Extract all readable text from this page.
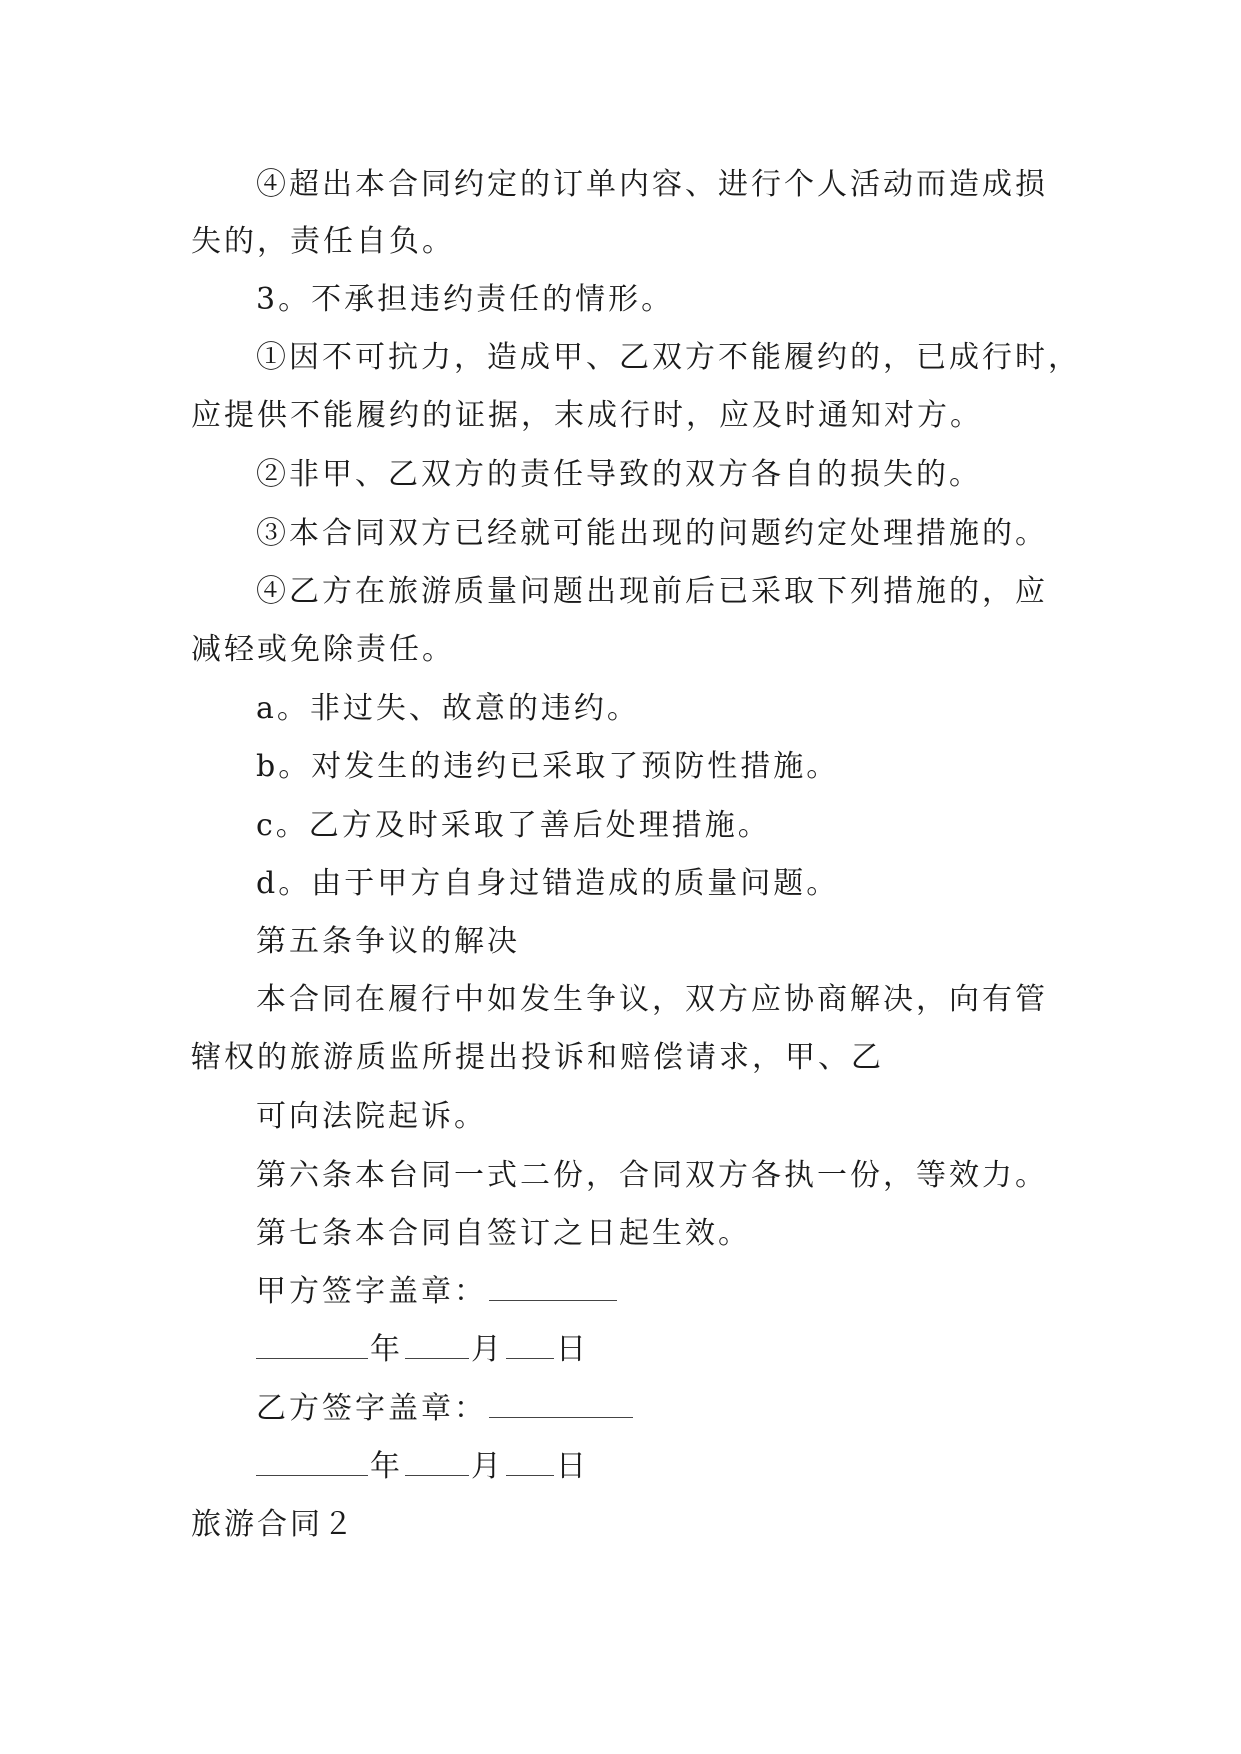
④超出本合同约定的订单内容、进行个人活动而造成损
失的，责任自负。
3。不承担违约责任的情形。
①因不可抗力，造成甲、乙双方不能履约的，已成行时，
应提供不能履约的证据，末成行时，应及时通知对方。
②非甲、乙双方的责任导致的双方各自的损失的。
③本合同双方已经就可能出现的问题约定处理措施的。
④乙方在旅游质量问题出现前后已采取下列措施的，应
减轻或免除责任。
a。非过失、故意的违约。
b。对发生的违约已采取了预防性措施。
c。乙方及时采取了善后处理措施。
d。由于甲方自身过错造成的质量问题。
第五条争议的解决
本合同在履行中如发生争议，双方应协商解决，向有管
辖权的旅游质监所提出投诉和赔偿请求，甲、乙
可向法院起诉。
第六条本台同一式二份，合同双方各执一份，等效力。
第七条本合同自签订之日起生效。
甲方签字盖章：
年 月 日
乙方签字盖章：
年 月 日
旅游合同２
